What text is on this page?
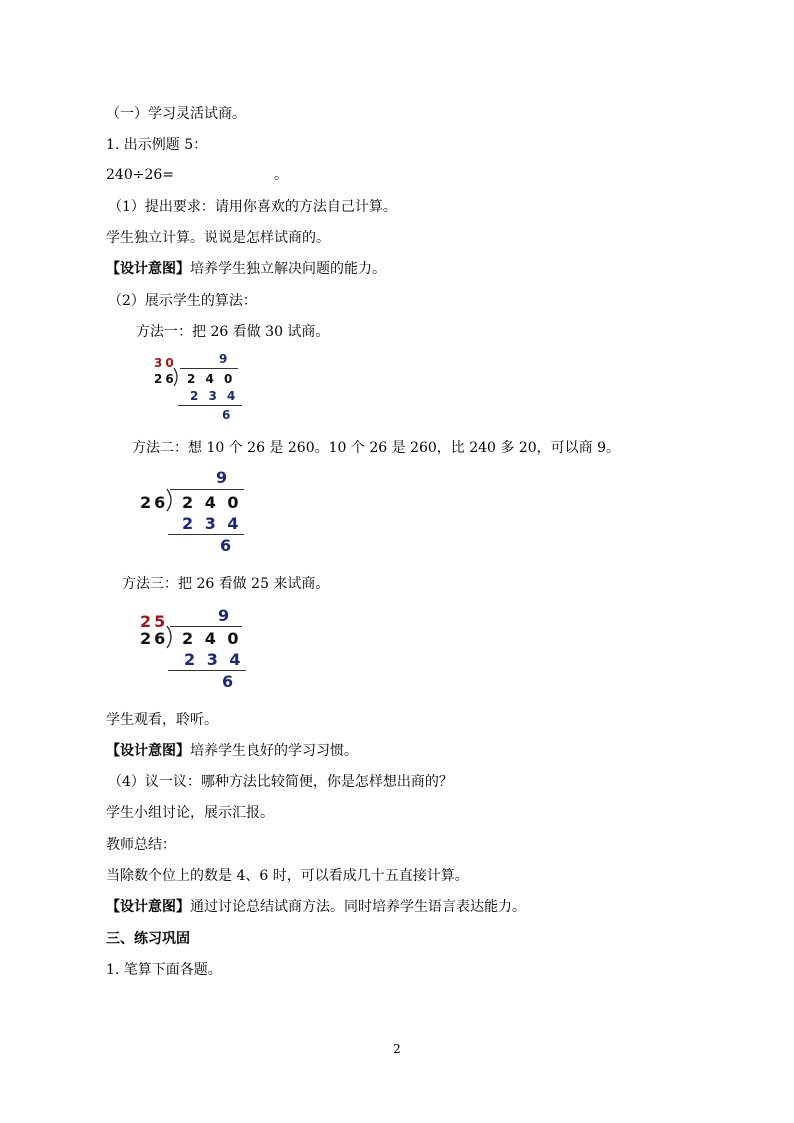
（一）学习灵活试商。
1. 出示例题 5：
240÷26=	。
（1）提出要求：请用你喜欢的方法自己计算。
学生独立计算。说说是怎样试商的。
【设计意图】培养学生独立解决问题的能力。
（2）展示学生的算法：
方法一：把 26 看做 30 试商。
30	9
26 2 4 0
2 3 4
6
方法二：想 10 个 26 是 260。10 个 26 是 260，比 240 多 20，可以商 9。
9
26 2 4 0
2 3 4
6
方法三：把 26 看做 25 来试商。
25	9
26 2 4 0
2 3 4
6
学生观看，聆听。
【设计意图】培养学生良好的学习习惯。
（4）议一议：哪种方法比较简便，你是怎样想出商的？
学生小组讨论，展示汇报。
教师总结：
当除数个位上的数是 4、6 时，可以看成几十五直接计算。
【设计意图】通过讨论总结试商方法。同时培养学生语言表达能力。
三、练习巩固
1. 笔算下面各题。
2
